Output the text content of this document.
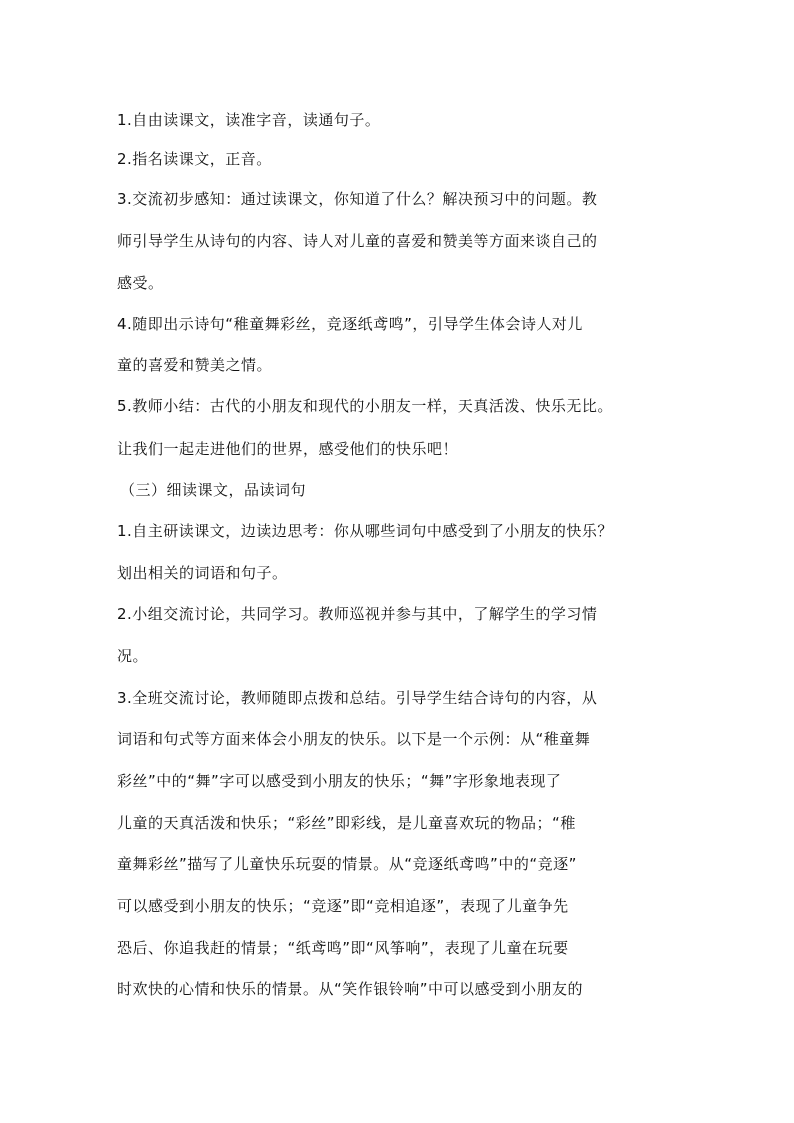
1.自由读课文，读准字音，读通句子。
2.指名读课文，正音。
3.交流初步感知：通过读课文，你知道了什么？解决预习中的问题。教
师引导学生从诗句的内容、诗人对儿童的喜爱和赞美等方面来谈自己的
感受。
4.随即出示诗句“稚童舞彩丝，竞逐纸鸢鸣”，引导学生体会诗人对儿
童的喜爱和赞美之情。
5.教师小结：古代的小朋友和现代的小朋友一样，天真活泼、快乐无比。
让我们一起走进他们的世界，感受他们的快乐吧！
（三）细读课文，品读词句
1.自主研读课文，边读边思考：你从哪些词句中感受到了小朋友的快乐？
划出相关的词语和句子。
2.小组交流讨论，共同学习。教师巡视并参与其中，了解学生的学习情
况。
3.全班交流讨论，教师随即点拨和总结。引导学生结合诗句的内容，从
词语和句式等方面来体会小朋友的快乐。以下是一个示例：从“稚童舞
彩丝”中的“舞”字可以感受到小朋友的快乐；“舞”字形象地表现了
儿童的天真活泼和快乐；“彩丝”即彩线，是儿童喜欢玩的物品；“稚
童舞彩丝”描写了儿童快乐玩耍的情景。从“竞逐纸鸢鸣”中的“竞逐”
可以感受到小朋友的快乐；“竞逐”即“竞相追逐”，表现了儿童争先
恐后、你追我赶的情景；“纸鸢鸣”即“风筝响”，表现了儿童在玩要
时欢快的心情和快乐的情景。从“笑作银铃响”中可以感受到小朋友的
